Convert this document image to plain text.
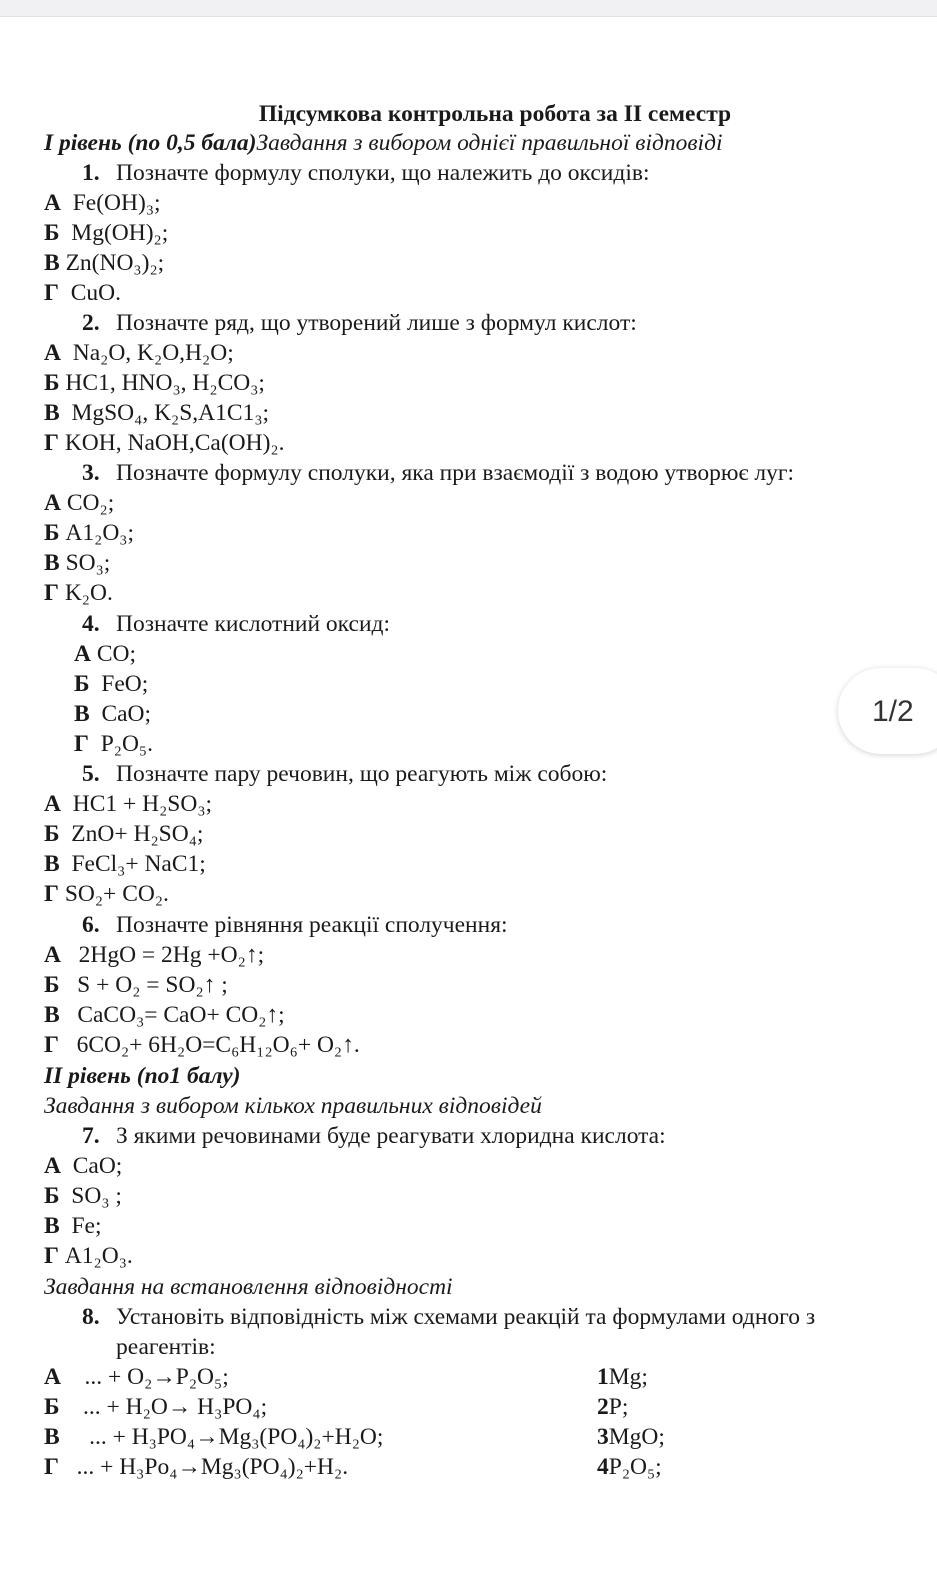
Підсумкова контрольна робота за ІІ семестр
І рівень (по 0,5 бала)Завдання з вибором однієї правильної відповіді
1. Позначте формулу сполуки, що належить до оксидів:
А Fe(OH)₃;
Б Mg(OH)₂;
В Zn(NO₃)₂;
Г CuO.
2. Позначте ряд, що утворений лише з формул кислот:
А Na₂O, K₂O,H₂O;
Б HC1, HNO₃, H₂CO₃;
В MgSO₄, K₂S,A1C1₃;
Г KOH, NaOH,Ca(OH)₂.
3. Позначте формулу сполуки, яка при взаємодії з водою утворює луг:
А CO₂;
Б A1₂O₃;
В SO₃;
Г K₂O.
4. Позначте кислотний оксид:
А CO;
Б FeO;
В CaO;
Г P₂O₅.
5. Позначте пару речовин, що реагують між собою:
А HC1 + H₂SO₃;
Б ZnO+ H₂SO₄;
В FeCl₃+ NaC1;
Г SO₂+ CO₂.
6. Позначте рівняння реакції сполучення:
А 2HgO = 2Hg +O₂↑;
Б S + O₂ = SO₂↑ ;
В CaCO₃= CaO+ CO₂↑;
Г 6CO₂+ 6H₂O=C₆H₁₂O₆+ O₂↑.
ІІ рівень (по1 балу)
Завдання з вибором кількох правильних відповідей
7. З якими речовинами буде реагувати хлоридна кислота:
А CaO;
Б SO₃ ;
В Fe;
Г A1₂O₃.
Завдання на встановлення відповідності
8. Установіть відповідність між схемами реакцій та формулами одного з
реагентів:
А ... + O₂→P₂O₅;
Б ... + H₂O→ H₃PO₄;
В ... + H₃PO₄→Mg₃(PO₄)₂+H₂O;
Г ... + H₃Po₄→Mg₃(PO₄)₂+H₂.
1Mg;
2P;
3MgO;
4P₂O₅;
1/2
